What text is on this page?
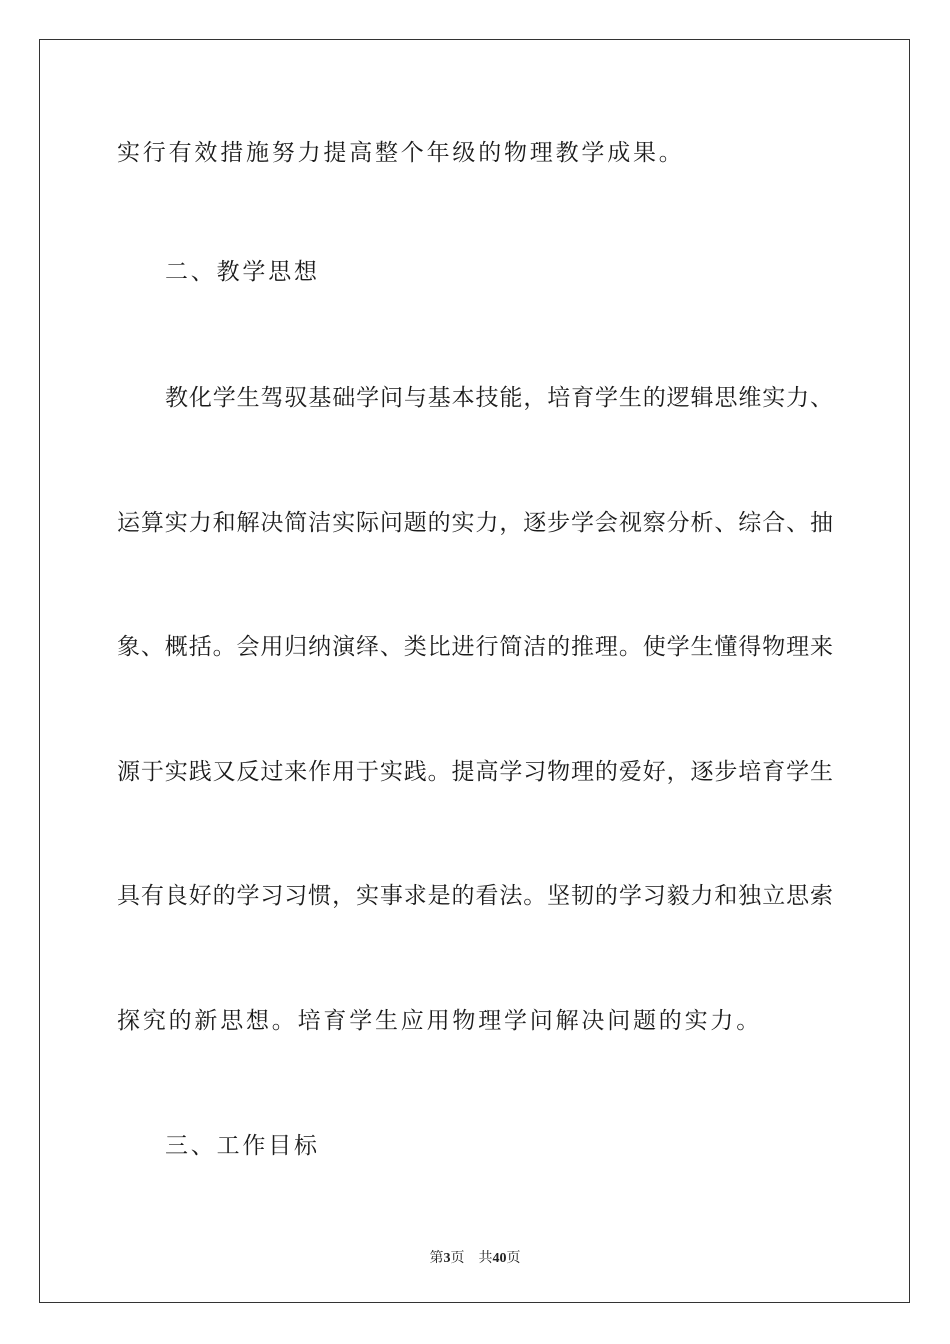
实行有效措施努力提高整个年级的物理教学成果。
二、教学思想
教化学生驾驭基础学问与基本技能，培育学生的逻辑思维实力、
运算实力和解决简洁实际问题的实力，逐步学会视察分析、综合、抽
象、概括。会用归纳演绎、类比进行简洁的推理。使学生懂得物理来
源于实践又反过来作用于实践。提高学习物理的爱好，逐步培育学生
具有良好的学习习惯，实事求是的看法。坚韧的学习毅力和独立思索
探究的新思想。培育学生应用物理学问解决问题的实力。
三、工作目标
第3页 共40页
